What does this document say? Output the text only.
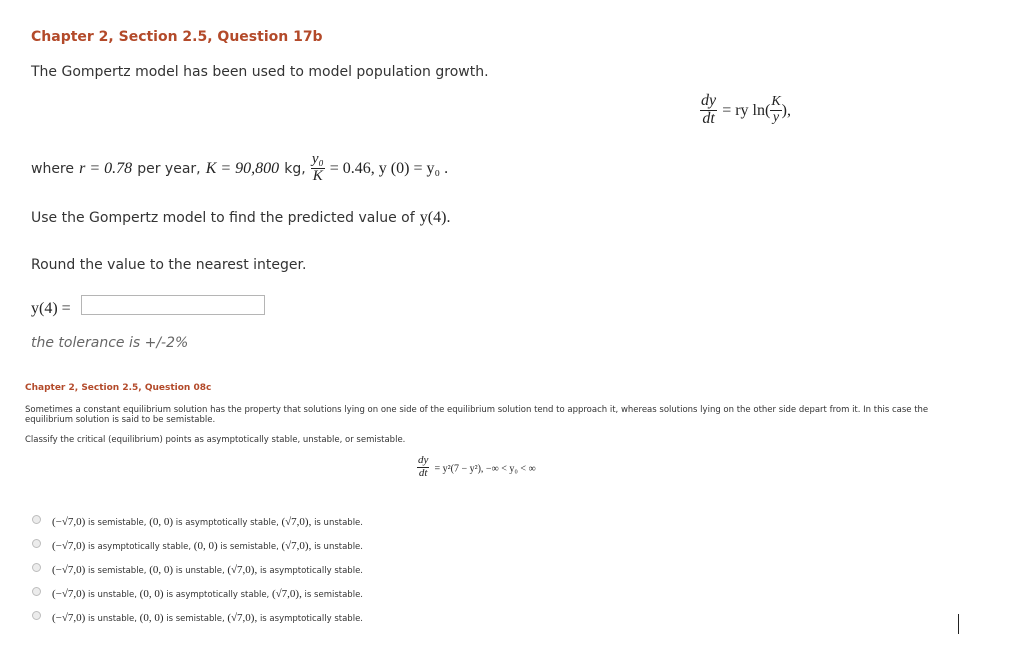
Chapter 2, Section 2.5, Question 17b
The Gompertz model has been used to model population growth.
$\frac{dy}{dt}$ = ry $\ln( \frac{K}{y}$ ),
where r = 0.78 per year, K = 90,800 kg, $\frac{\text{y₀}}{K} = 0.46$, y (0) = y₀ .
Use the Gompertz model to find the predicted value of y(4).
Round the value to the nearest integer.
y(4) =
the tolerance is +/-2%
Chapter 2, Section 2.5, Question 08c
Sometimes a constant equilibrium solution has the property that solutions lying on one side of the equilibrium solution tend to approach it, whereas solutions lying on the other side depart from it. In this case the equilibrium solution is said to be semistable.
Classify the critical (equilibrium) points as asymptotically stable, unstable, or semistable.
$\frac{dy}{dt} = y^2(7 - y^2)$, −∞ < y₀ < ∞
(−√7,0) is semistable, (0, 0) is asymptotically stable, (√7,0), is unstable.
(−√7,0) is asymptotically stable, (0, 0) is semistable, (√7,0), is unstable.
(−√7,0) is semistable, (0, 0) is unstable, (√7,0), is asymptotically stable.
(−√7,0) is unstable, (0, 0) is asymptotically stable, (√7,0), is semistable.
(−√7,0) is unstable, (0, 0) is semistable, (√7,0), is asymptotically stable.
